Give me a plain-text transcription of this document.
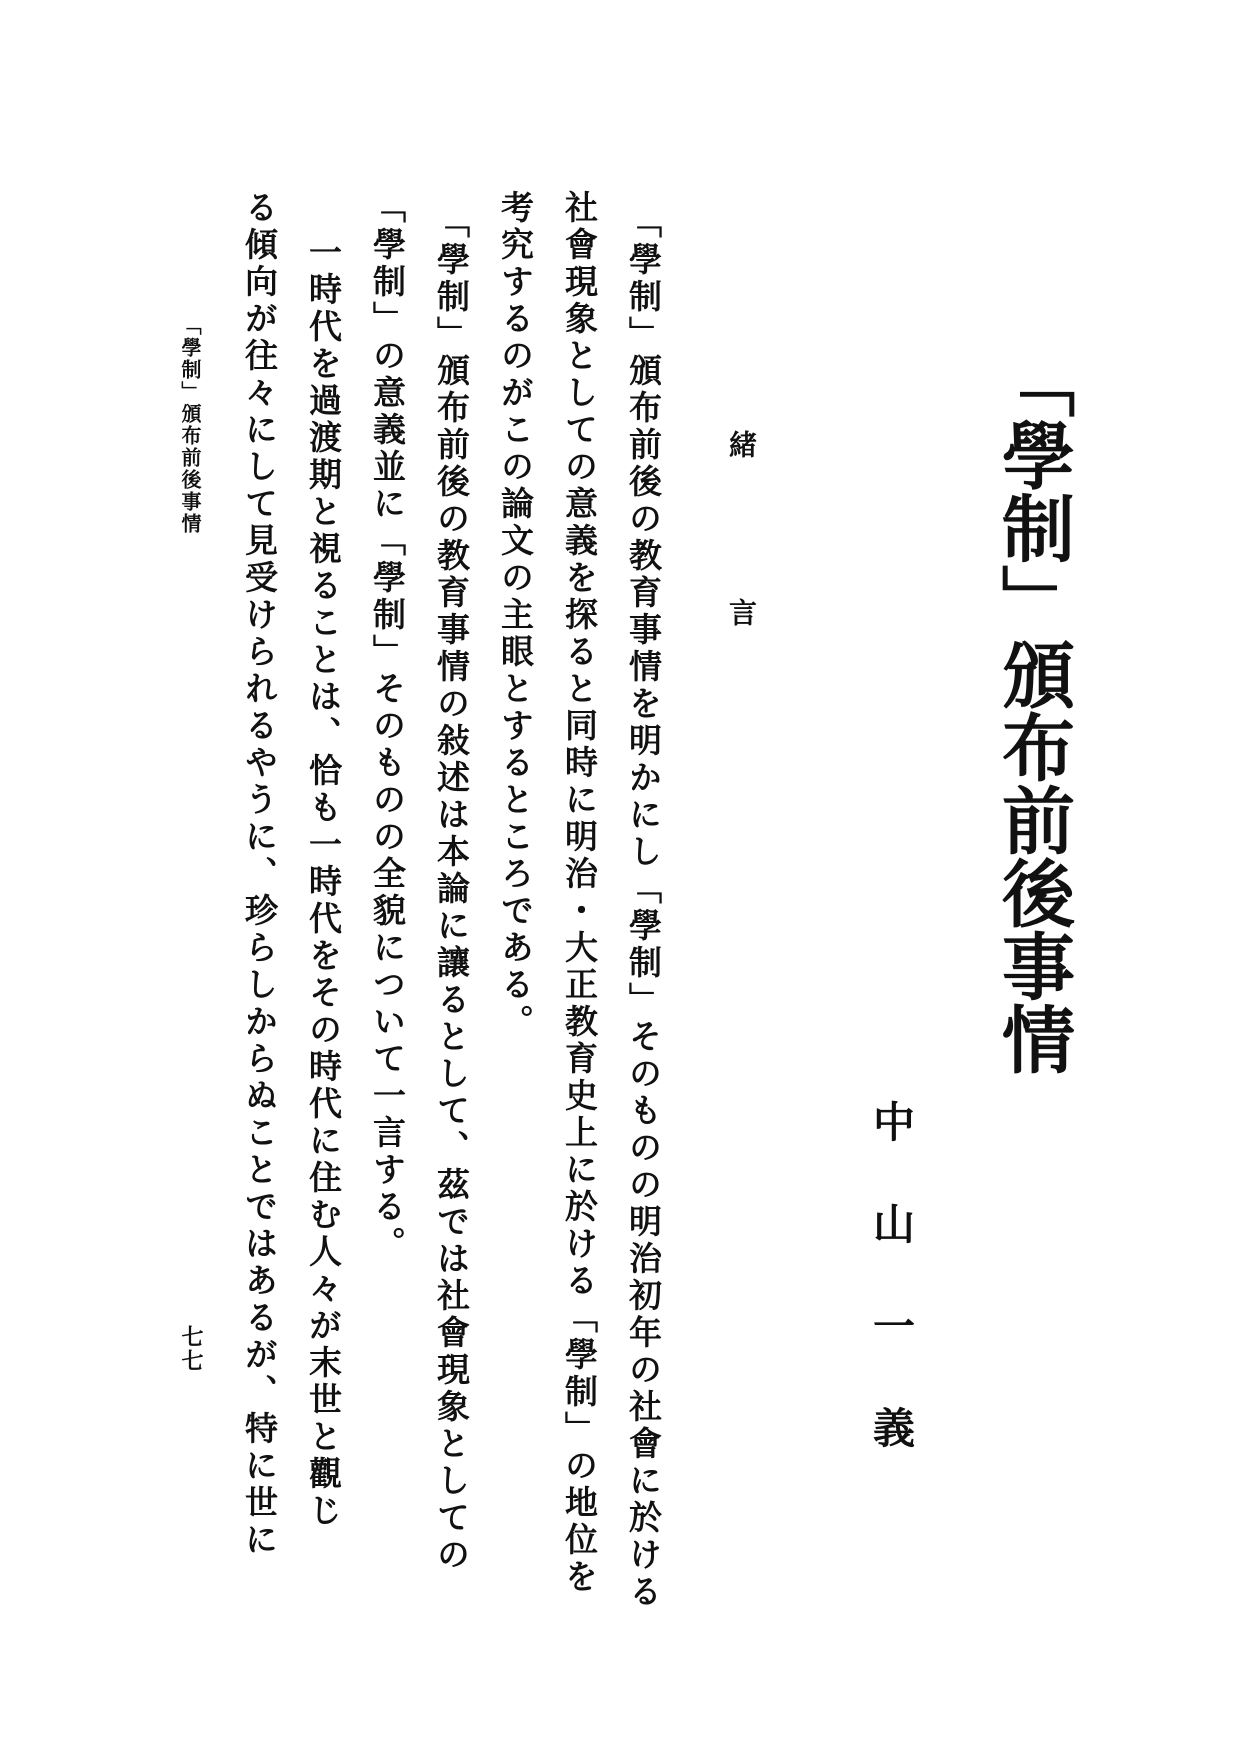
「學制」頒布前後事情
中山一義
緒言
「學制」頒布前後の教育事情を明かにし「學制」そのものの明治初年の社會に於ける
社會現象としての意義を探ると同時に明治・大正教育史上に於ける「學制」の地位を
考究するのがこの論文の主眼とするところである。
「學制」頒布前後の教育事情の敍述は本論に讓るとして、茲では社會現象としての
「學制」の意義並に「學制」そのものの全貌について一言する。
一時代を過渡期と視ることは、恰も一時代をその時代に住む人々が末世と觀じ
る傾向が往々にして見受けられるやうに、珍らしからぬことではあるが、特に世に
「學制」頒布前後事情
七七
